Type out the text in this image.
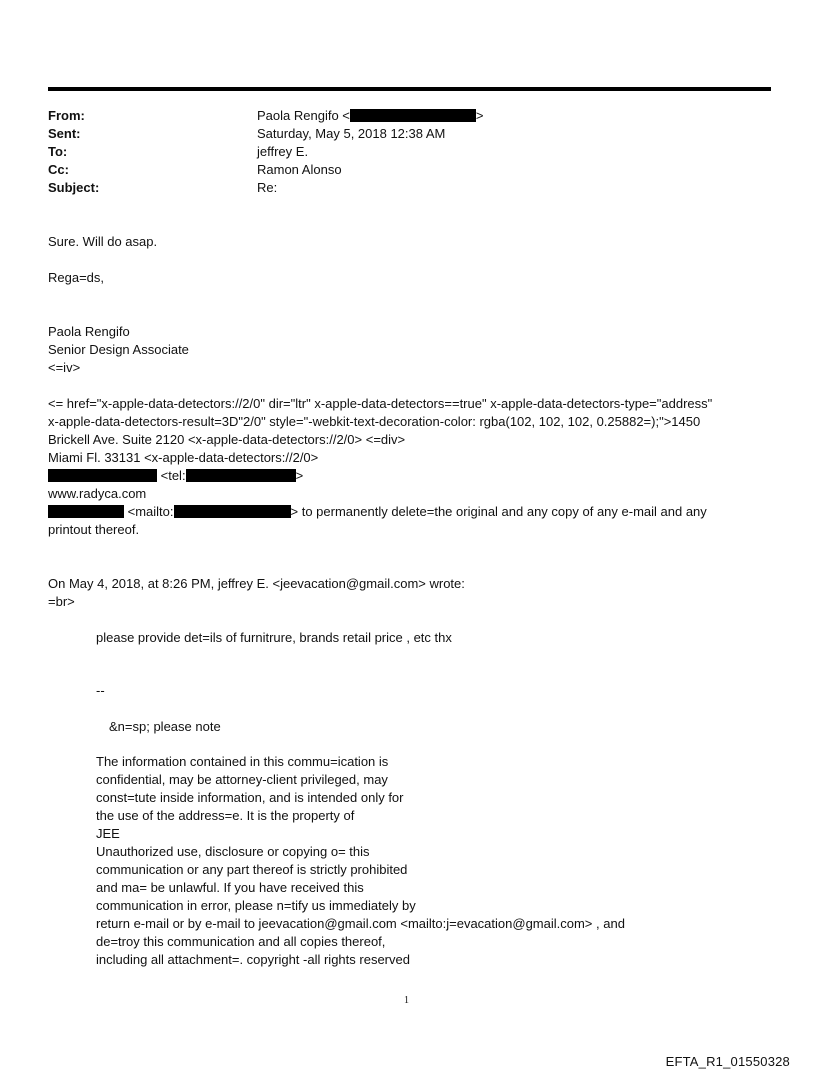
From:	Paola Rengifo <	>
Sent:	Saturday, May 5, 2018 12:38 AM
To:	jeffrey E.
Cc:	Ramon Alonso
Subject:	Re:
Sure. Will do asap.
Rega=ds,
Paola Rengifo
Senior Design Associate
<=iv>
<= href="x-apple-data-detectors://2/0" dir="ltr" x-apple-data-detectors==true" x-apple-data-detectors-type="address"
x-apple-data-detectors-result=3D"2/0" style="-webkit-text-decoration-color: rgba(102, 102, 102, 0.25882=);">1450
Brickell Ave. Suite 2120 <x-apple-data-detectors://2/0> <=div>
Miami Fl. 33131 <x-apple-data-detectors://2/0>
<tel:	>
www.radyca.com
<mailto:	> to permanently delete=the original and any copy of any e-mail and any
printout thereof.
On May 4, 2018, at 8:26 PM, jeffrey E. <jeevacation@gmail.com> wrote:
=br>
please provide det=ils of furnitrure, brands retail price , etc thx
--
&n=sp; please note
The information contained in this commu=ication is
confidential, may be attorney-client privileged, may
const=tute inside information, and is intended only for
the use of the address=e. It is the property of
JEE
Unauthorized use, disclosure or copying o= this
communication or any part thereof is strictly prohibited
and ma= be unlawful. If you have received this
communication in error, please n=tify us immediately by
return e-mail or by e-mail to jeevacation@gmail.com <mailto:j=evacation@gmail.com> , and
de=troy this communication and all copies thereof,
including all attachment=. copyright -all rights reserved
1
EFTA_R1_01550328
